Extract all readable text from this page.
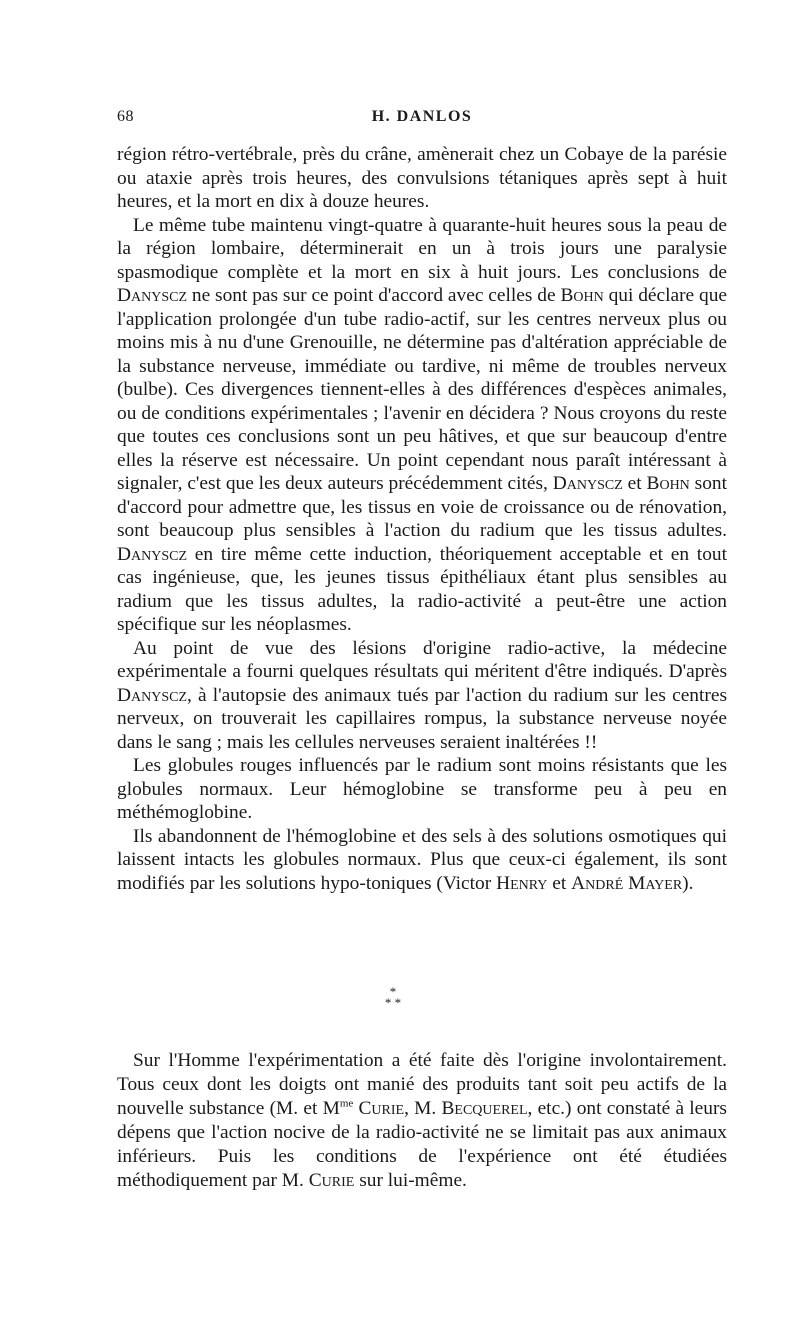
68	H. DANLOS

région rétro-vertébrale, près du crâne, amènerait chez un Cobaye de la parésie ou ataxie après trois heures, des convulsions tétaniques après sept à huit heures, et la mort en dix à douze heures.

Le même tube maintenu vingt-quatre à quarante-huit heures sous la peau de la région lombaire, déterminerait en un à trois jours une paralysie spasmodique complète et la mort en six à huit jours. Les conclusions de Danyscz ne sont pas sur ce point d'accord avec celles de Bohn qui déclare que l'application prolongée d'un tube radio-actif, sur les centres nerveux plus ou moins mis à nu d'une Grenouille, ne détermine pas d'altération appréciable de la substance nerveuse, immédiate ou tardive, ni même de troubles nerveux (bulbe). Ces divergences tiennent-elles à des différences d'espèces animales, ou de conditions expérimentales ; l'avenir en décidera ? Nous croyons du reste que toutes ces conclusions sont un peu hâtives, et que sur beaucoup d'entre elles la réserve est nécessaire. Un point cependant nous paraît intéressant à signaler, c'est que les deux auteurs précédemment cités, Danyscz et Bohn sont d'accord pour admettre que, les tissus en voie de croissance ou de rénovation, sont beaucoup plus sensibles à l'action du radium que les tissus adultes. Danyscz en tire même cette induction, théoriquement acceptable et en tout cas ingénieuse, que, les jeunes tissus épithéliaux étant plus sensibles au radium que les tissus adultes, la radio-activité a peut-être une action spécifique sur les néoplasmes.

Au point de vue des lésions d'origine radio-active, la médecine expérimentale a fourni quelques résultats qui méritent d'être indiqués. D'après Danyscz, à l'autopsie des animaux tués par l'action du radium sur les centres nerveux, on trouverait les capillaires rompus, la substance nerveuse noyée dans le sang ; mais les cellules nerveuses seraient inaltérées !!

Les globules rouges influencés par le radium sont moins résistants que les globules normaux. Leur hémoglobine se transforme peu à peu en méthémoglobine.

Ils abandonnent de l'hémoglobine et des sels à des solutions osmotiques qui laissent intacts les globules normaux. Plus que ceux-ci également, ils sont modifiés par les solutions hypo-toniques (Victor Henry et André Mayer).

*
* *

Sur l'Homme l'expérimentation a été faite dès l'origine involontairement. Tous ceux dont les doigts ont manié des produits tant soit peu actifs de la nouvelle substance (M. et $M^{me}$ Curie, M. Becquerel, etc.) ont constaté à leurs dépens que l'action nocive de la radio-activité ne se limitait pas aux animaux inférieurs. Puis les conditions de l'expérience ont été étudiées méthodiquement par M. Curie sur lui-même.
